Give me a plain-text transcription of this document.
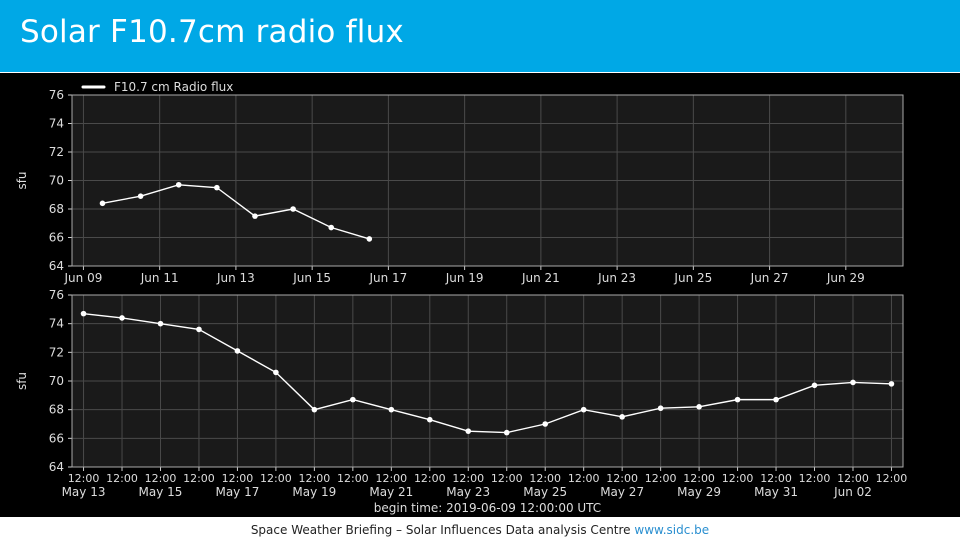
Solar F10.7cm radio flux
64
66
68
70
72
74
76
sfu
Jun 09	Jun 11	Jun 13	Jun 15	Jun 17	Jun 19	Jun 21	Jun 23	Jun 25	Jun 27	Jun 29
F10.7 cm Radio flux
64
66
68
70
72
74
76
sfu
12:00
May 13
12:00 12:00
May 15
12:00 12:00
May 17
12:00 12:00
May 19
12:00 12:00
May 21
12:00 12:00
May 23
12:00 12:00
May 25
12:00 12:00
May 27
12:00 12:00
May 29
12:00 12:00
May 31
12:00 12:00
Jun 02
12:00
begin time: 2019-06-09 12:00:00 UTC
Space Weather Briefing – Solar Influences Data analysis Centre www.sidc.be
